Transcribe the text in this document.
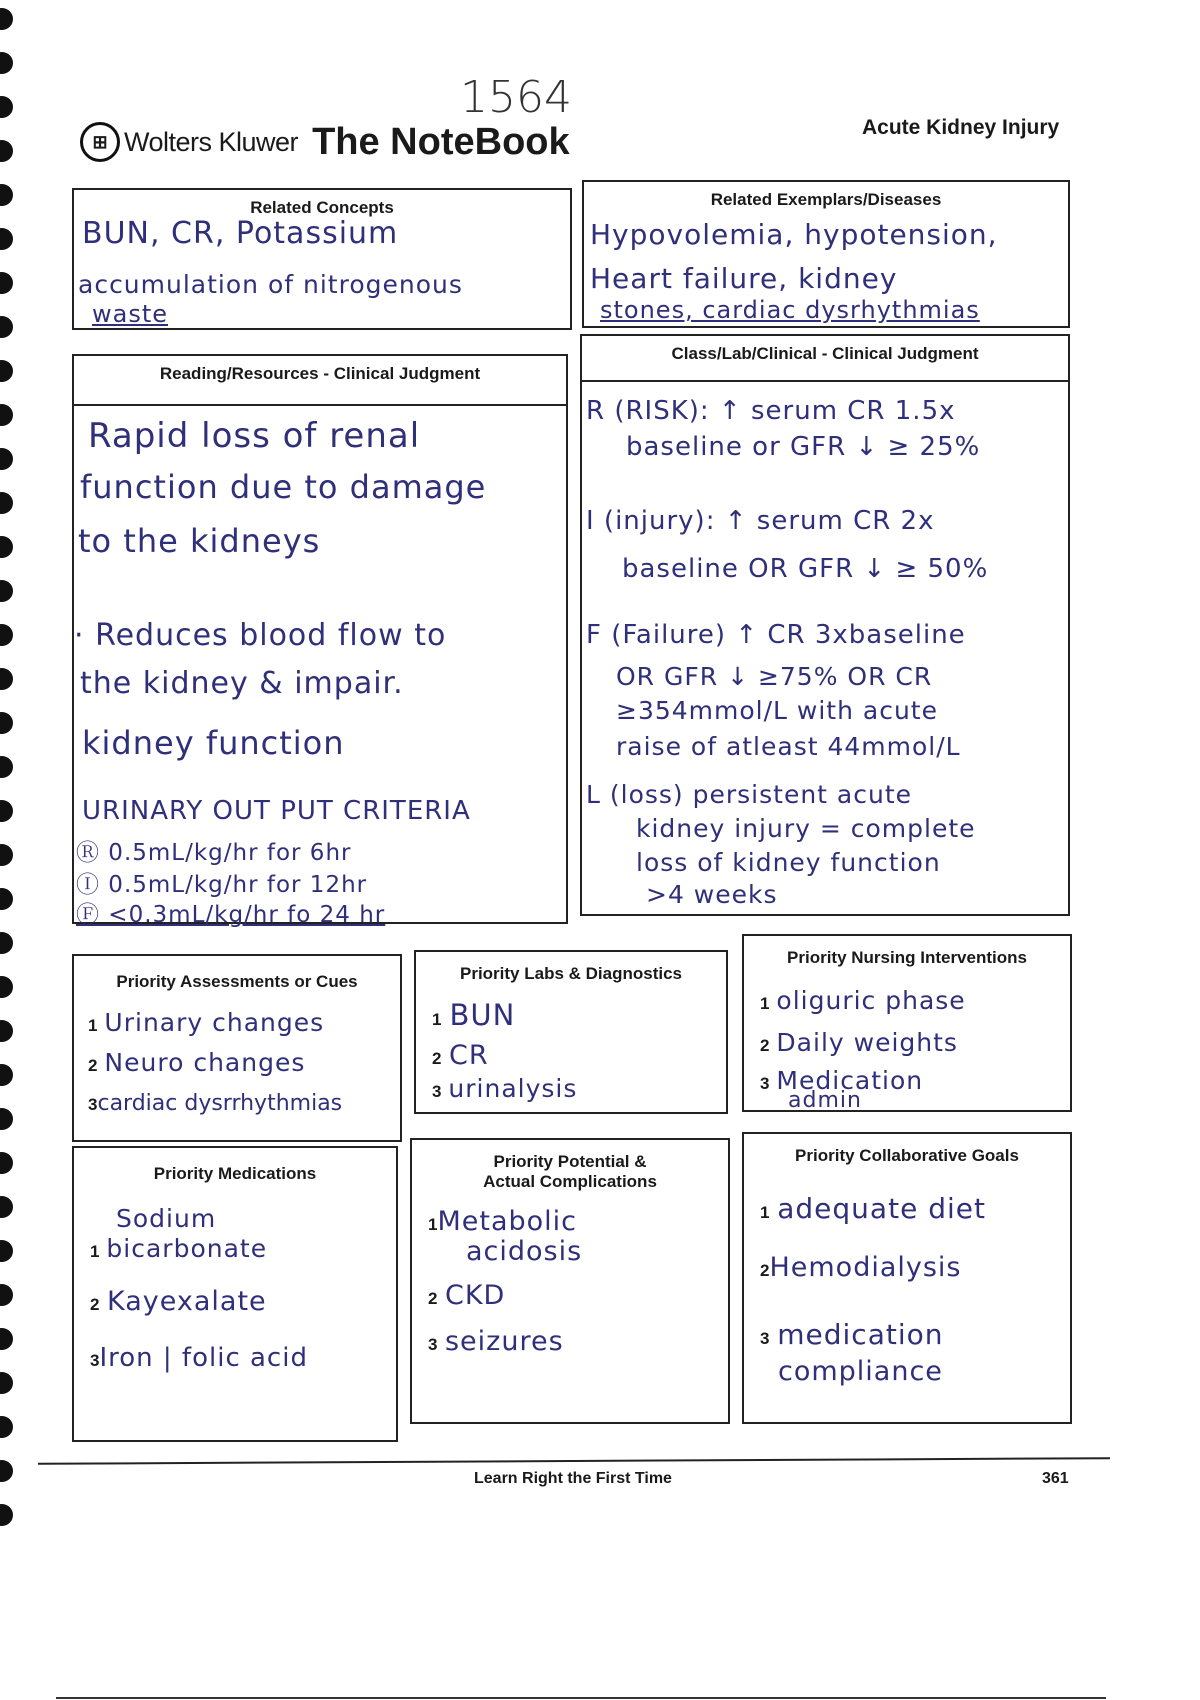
1564
⊞ Wolters Kluwer The NoteBook	Acute Kidney Injury
Related Concepts
BUN, CR, Potassium
accumulation of nitrogenous
waste
Related Exemplars/Diseases
Hypovolemia, hypotension,
Heart failure, kidney
stones, cardiac dysrhythmias
Reading/Resources - Clinical Judgment
Rapid loss of renal
function due to damage
to the kidneys
· Reduces blood flow to
the kidney & impair.
kidney function
URINARY OUT PUT CRITERIA
Ⓡ 0.5mL/kg/hr for 6hr
Ⓘ 0.5mL/kg/hr for 12hr
Ⓕ <0.3mL/kg/hr fo 24 hr
Class/Lab/Clinical - Clinical Judgment
R (RISK): ↑ serum CR 1.5x
baseline or GFR ↓ ≥ 25%
I (injury): ↑ serum CR 2x
baseline OR GFR ↓ ≥ 50%
F (Failure) ↑ CR 3xbaseline
OR GFR ↓ ≥75% OR CR
≥354mmol/L with acute
raise of atleast 44mmol/L
L (loss) persistent acute
kidney injury = complete
loss of kidney function
>4 weeks
Priority Assessments or Cues
1 Urinary changes
2 Neuro changes
3cardiac dysrrhythmias
Priority Labs & Diagnostics
1 BUN
2 CR
3 urinalysis
Priority Nursing Interventions
1 oliguric phase
2 Daily weights
3 Medication
admin
Priority Medications
Sodium
1 bicarbonate
2 Kayexalate
3Iron | folic acid
Priority Potential & Actual Complications
1Metabolic
acidosis
2 CKD
3 seizures
Priority Collaborative Goals
1 adequate diet
2Hemodialysis
3 medication
compliance
Learn Right the First Time	361
